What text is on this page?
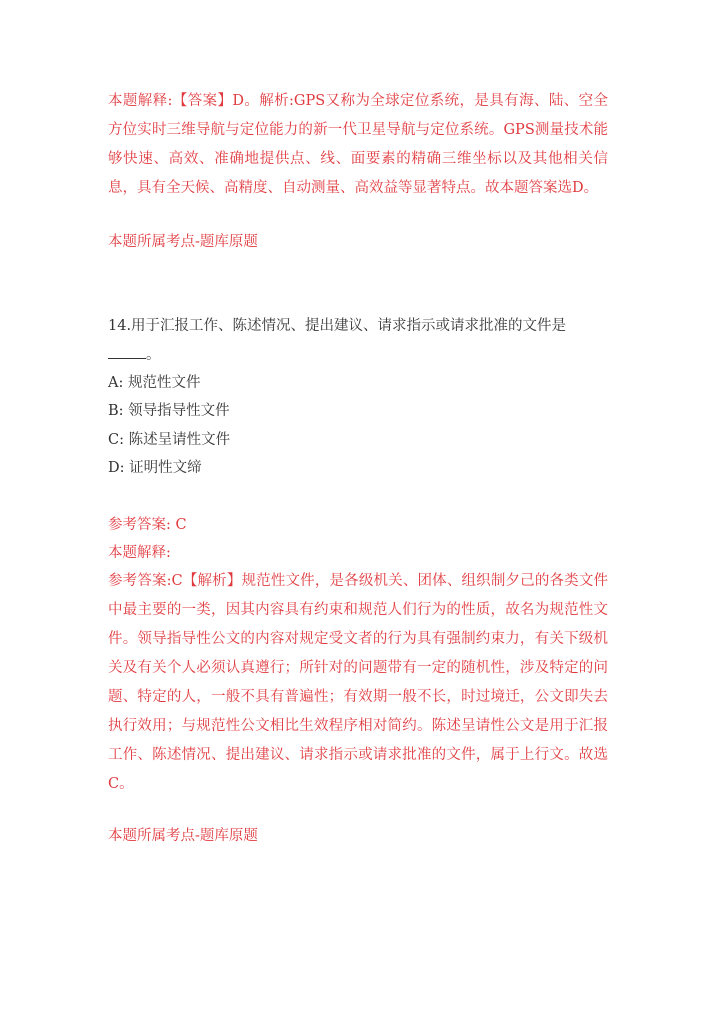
本题解释:【答案】D。解析:GPS又称为全球定位系统，是具有海、陆、空全方位实时三维导航与定位能力的新一代卫星导航与定位系统。GPS测量技术能够快速、高效、准确地提供点、线、面要素的精确三维坐标以及其他相关信息，具有全天候、高精度、自动测量、高效益等显著特点。故本题答案选D。

本题所属考点-题库原题

14.用于汇报工作、陈述情况、提出建议、请求指示或请求批准的文件是

。

A: 规范性文件

B: 领导指导性文件

C: 陈述呈请性文件

D: 证明性文缔

参考答案: C

本题解释:

参考答案:C【解析】规范性文件，是各级机关、团体、组织制夕己的各类文件中最主要的一类，因其内容具有约束和规范人们行为的性质，故名为规范性文件。领导指导性公文的内容对规定受文者的行为具有强制约束力，有关下级机关及有关个人必须认真遵行；所针对的问题带有一定的随机性，涉及特定的问题、特定的人，一般不具有普遍性；有效期一般不长，时过境迁，公文即失去执行效用；与规范性公文相比生效程序相对简约。陈述呈请性公文是用于汇报工作、陈述情况、提出建议、请求指示或请求批准的文件，属于上行文。故选C。

本题所属考点-题库原题
